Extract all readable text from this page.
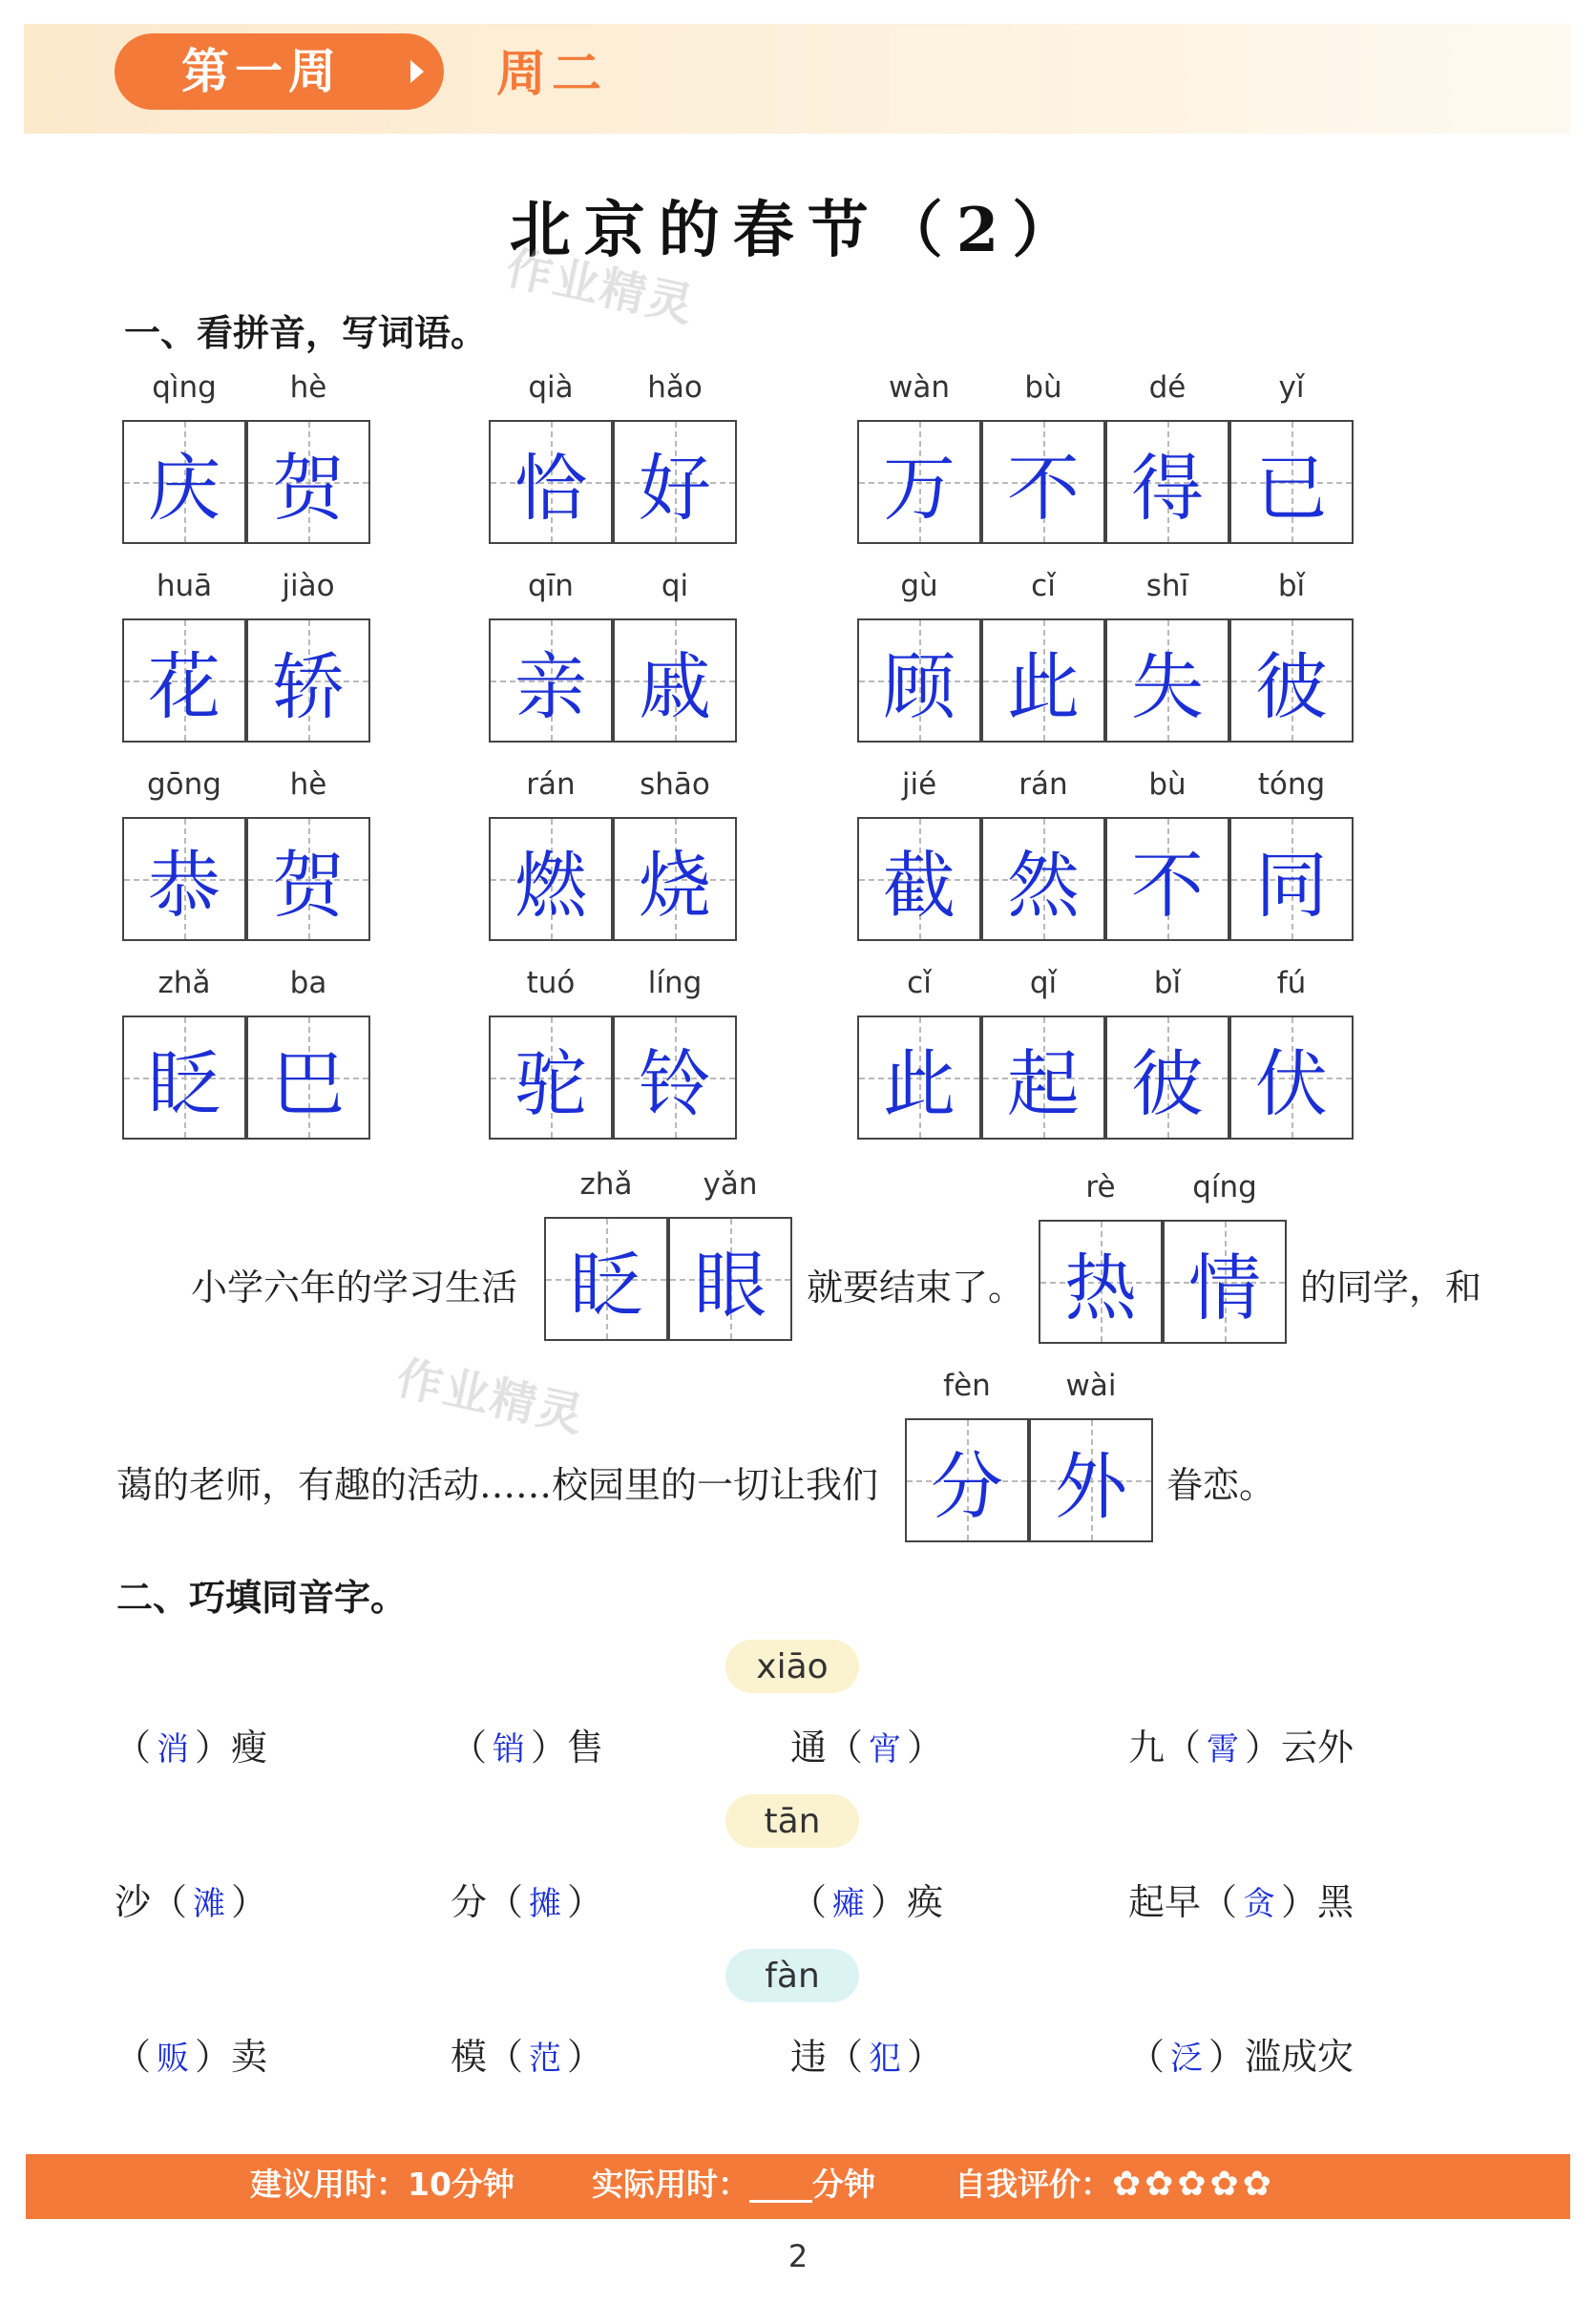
第一周	周二
北京的春节（2）
作业精灵
作业精灵
一、看拼音，写词语。
qìng
庆
hè
贺
qià
恰
hǎo
好
wàn
万
bù
不
dé
得
yǐ
已
huā
花
jiào
轿
qīn
亲
qi
戚
gù
顾
cǐ
此
shī
失
bǐ
彼
gōng
恭
hè
贺
rán
燃
shāo
烧
jié
截
rán
然
bù
不
tóng
同
zhǎ
眨
ba
巴
tuó
驼
líng
铃
cǐ
此
qǐ
起
bǐ
彼
fú
伏
zhǎ
眨
yǎn
眼
rè
热
qíng
情
fèn
分
wài
外
小学六年的学习生活	就要结束了。	的同学，和
蔼的老师，有趣的活动……校园里的一切让我们	眷恋。
二、巧填同音字。
xiāo
（ 消 ）瘦	（ 销 ）售	通（ 宵 ）	九（ 霄 ）云外
tān
沙（ 滩 ）	分（ 摊 ）	（ 瘫 ）痪	起早（ 贪 ）黑
fàn
（ 贩 ）卖	模（ 范 ）	违（ 犯 ）	（ 泛 ）滥成灾
建议用时：10分钟 实际用时：____分钟	自我评价：✿ ✿ ✿ ✿ ✿
2
